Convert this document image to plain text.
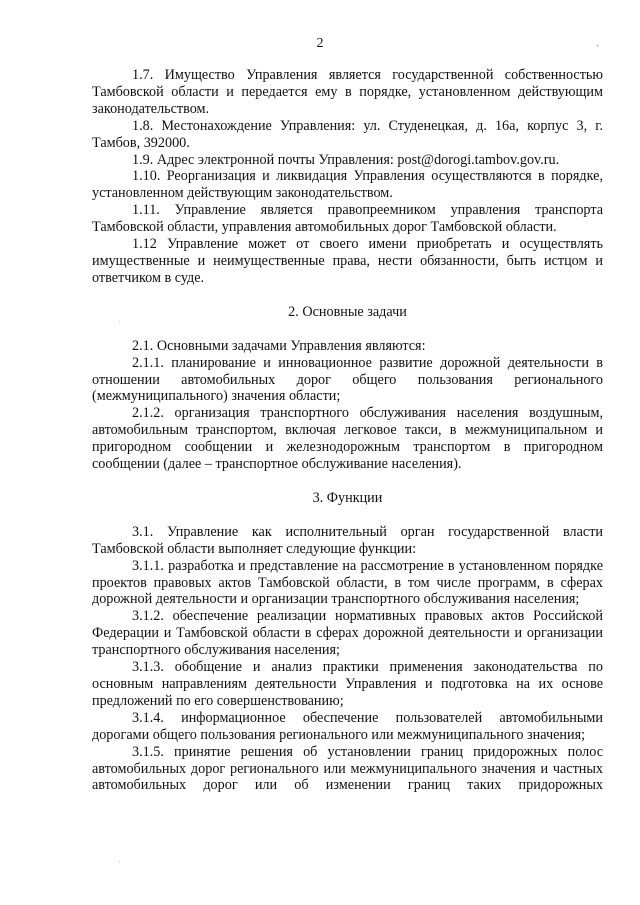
2	•
·
·

1.7. Имущество Управления является государственной собственностью Тамбовской области и передается ему в порядке, установленном действующим законодательством.

1.8. Местонахождение Управления: ул. Студенецкая, д. 16а, корпус 3, г. Тамбов, 392000.

1.9. Адрес электронной почты Управления: post@dorogi.tambov.gov.ru.

1.10. Реорганизация и ликвидация Управления осуществляются в порядке, установленном действующим законодательством.

1.11. Управление является правопреемником управления транспорта Тамбовской области, управления автомобильных дорог Тамбовской области.

1.12 Управление может от своего имени приобретать и осуществлять имущественные и неимущественные права, нести обязанности, быть истцом и ответчиком в суде.

2. Основные задачи

2.1. Основными задачами Управления являются:

2.1.1. планирование и инновационное развитие дорожной деятельности в отношении автомобильных дорог общего пользования регионального (межмуниципального) значения области;

2.1.2. организация транспортного обслуживания населения воздушным, автомобильным транспортом, включая легковое такси, в межмуниципальном и пригородном сообщении и железнодорожным транспортом в пригородном сообщении (далее – транспортное обслуживание населения).

3. Функции

3.1. Управление как исполнительный орган государственной власти Тамбовской области выполняет следующие функции:

3.1.1. разработка и представление на рассмотрение в установленном порядке проектов правовых актов Тамбовской области, в том числе программ, в сферах дорожной деятельности и организации транспортного обслуживания населения;

3.1.2. обеспечение реализации нормативных правовых актов Российской Федерации и Тамбовской области в сферах дорожной деятельности и организации транспортного обслуживания населения;

3.1.3. обобщение и анализ практики применения законодательства по основным направлениям деятельности Управления и подготовка на их основе предложений по его совершенствованию;

3.1.4. информационное обеспечение пользователей автомобильными дорогами общего пользования регионального или межмуниципального значения;

3.1.5. принятие решения об установлении границ придорожных полос автомобильных дорог регионального или межмуниципального значения и частных автомобильных дорог или об изменении границ таких придорожных
